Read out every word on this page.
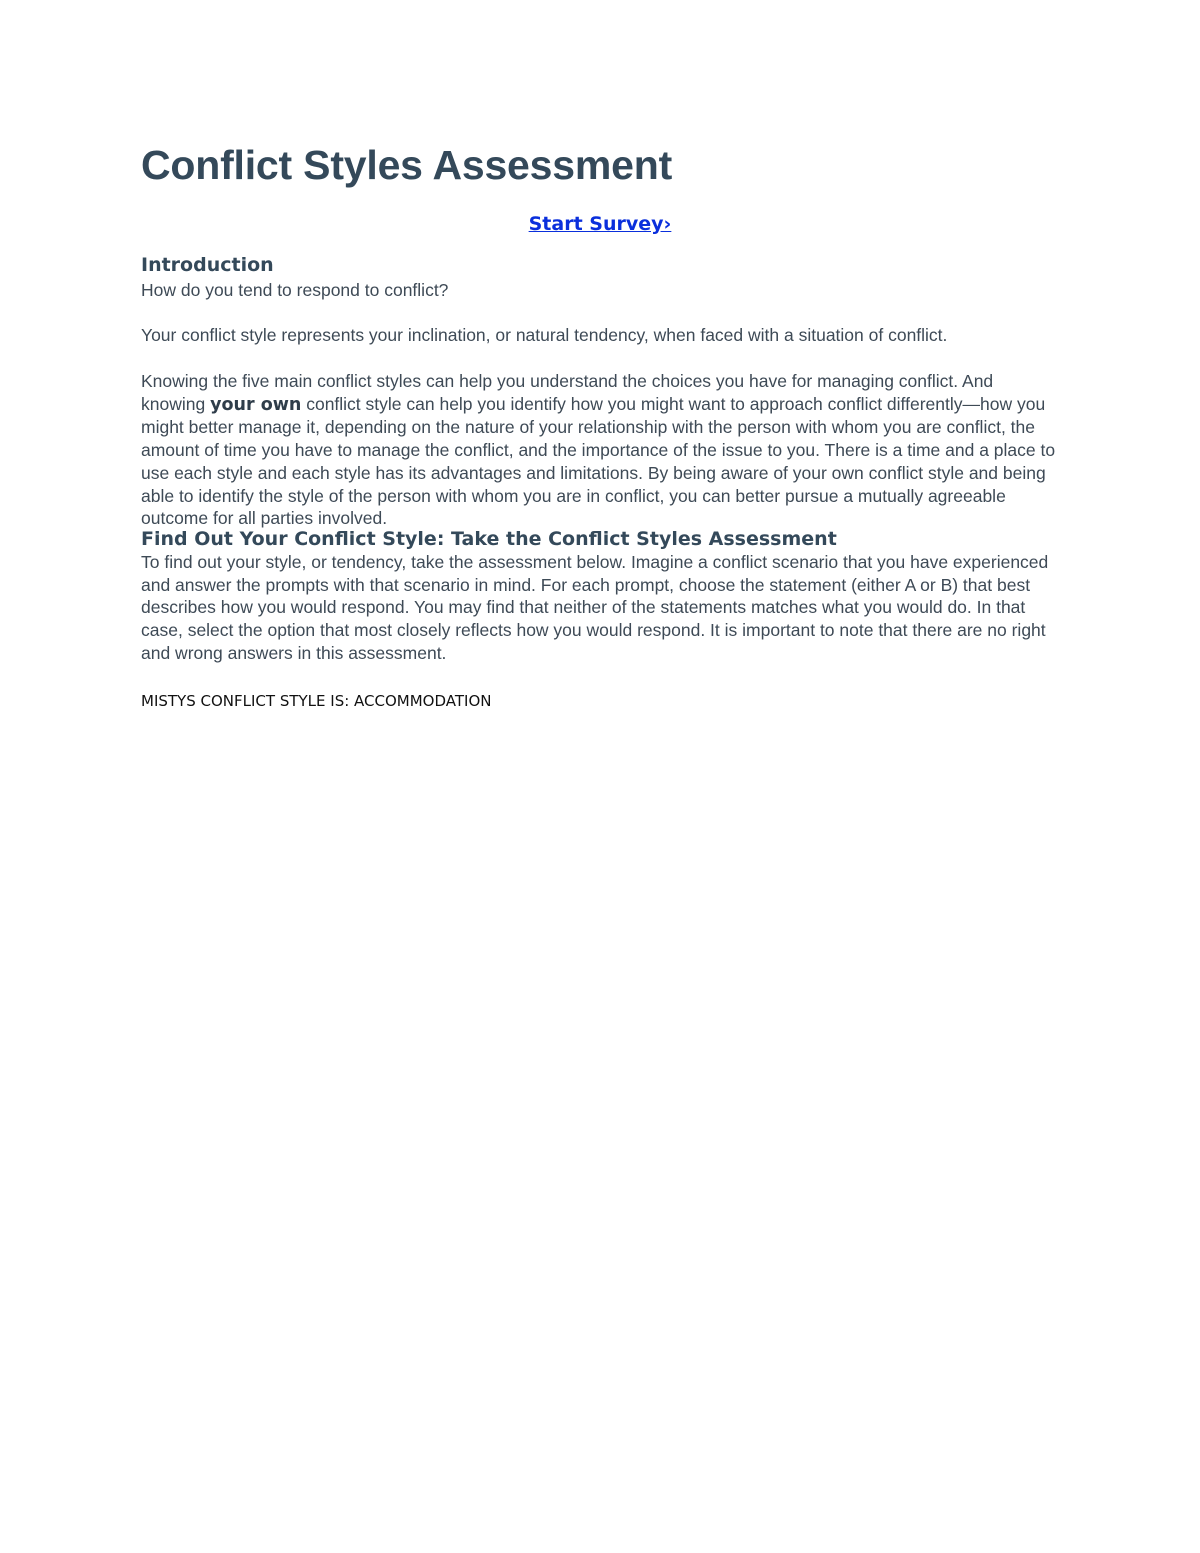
Conflict Styles Assessment
Start Survey›
Introduction

How do you tend to respond to conflict?

Your conflict style represents your inclination, or natural tendency, when faced with a situation of conflict.

Knowing the five main conflict styles can help you understand the choices you have for managing conflict. And knowing your own conflict style can help you identify how you might want to approach conflict differently—how you might better manage it, depending on the nature of your relationship with the person with whom you are conflict, the amount of time you have to manage the conflict, and the importance of the issue to you. There is a time and a place to use each style and each style has its advantages and limitations. By being aware of your own conflict style and being able to identify the style of the person with whom you are in conflict, you can better pursue a mutually agreeable outcome for all parties involved.

Find Out Your Conflict Style: Take the Conflict Styles Assessment

To find out your style, or tendency, take the assessment below. Imagine a conflict scenario that you have experienced and answer the prompts with that scenario in mind. For each prompt, choose the statement (either A or B) that best describes how you would respond. You may find that neither of the statements matches what you would do. In that case, select the option that most closely reflects how you would respond. It is important to note that there are no right and wrong answers in this assessment.

MISTYS CONFLICT STYLE IS: ACCOMMODATION
